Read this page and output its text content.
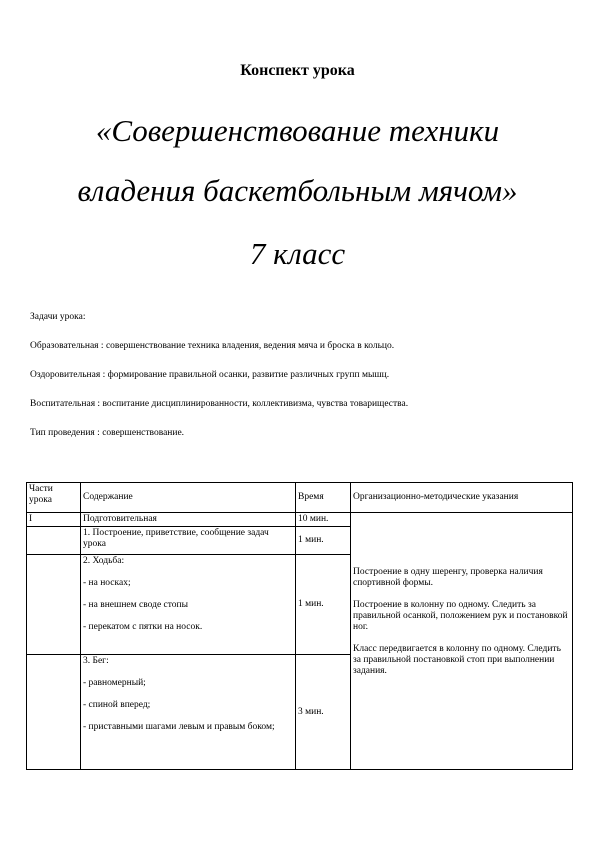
Конспект урока
«Совершенствование техники
владения баскетбольным мячом»
7 класс

Задачи урока:

Образовательная : совершенствование техника владения, ведения мяча и броска в кольцо.

Оздоровительная : формирование правильной осанки, развитие различных групп мышц.

Воспитательная : воспитание дисциплинированности, коллективизма, чувства товарищества.

Тип проведения : совершенствование.

Части урока	Содержание	Время	Организационно-методические указания
I	Подготовительная	10 мин.	Построение в одну шеренгу, проверка наличия спортивной формы.

Построение в колонну по одному. Следить за правильной осанкой, положением рук и постановкой ног.

Класс передвигается в колонну по одному. Следить за правильной постановкой стоп при выполнении задания.

	1. Построение, приветствие, сообщение задач урока	1 мин.	

	2. Ходьба:

- на носках;

- на внешнем своде стопы

- перекатом с пятки на носок.	1 мин.	

	3. Бег:

- равномерный;

- спиной вперед;

- приставными шагами левым и правым боком;	3 мин.	
